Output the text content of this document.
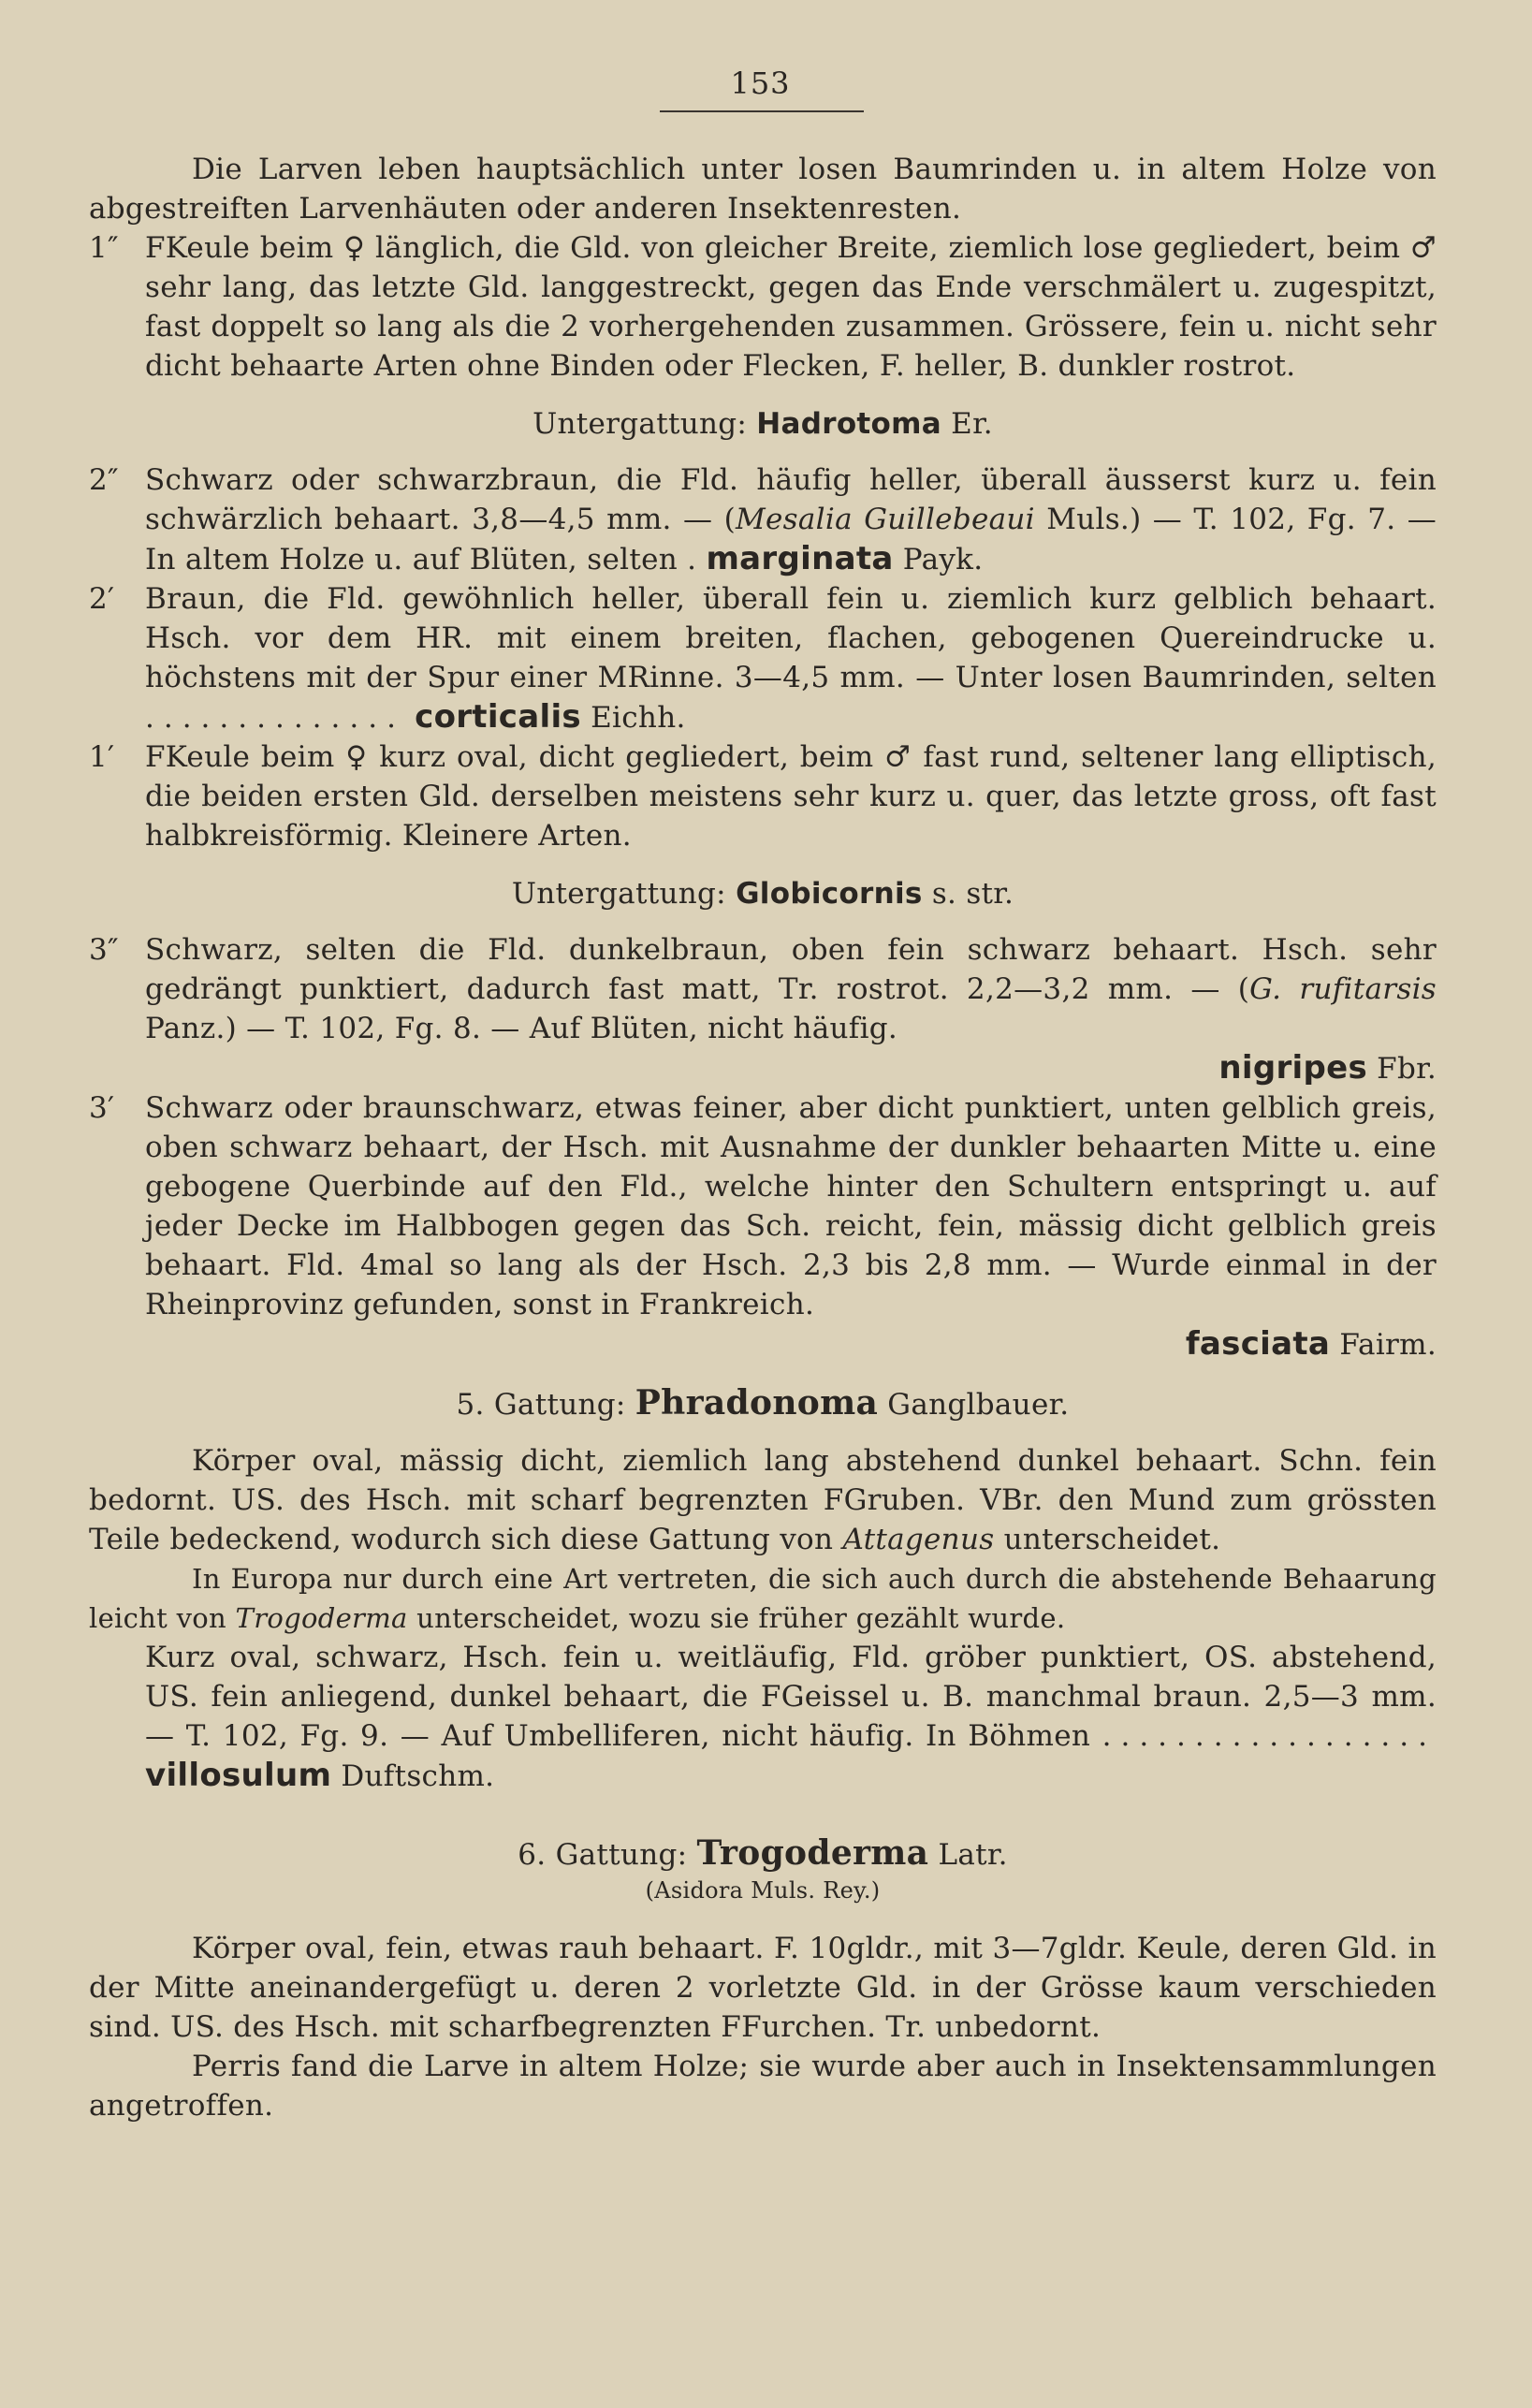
153

Die Larven leben hauptsächlich unter losen Baumrinden u. in altem Holze von abgestreiften Larvenhäuten oder anderen Insektenresten.

1″ FKeule beim ♀ länglich, die Gld. von gleicher Breite, ziemlich lose gegliedert, beim ♂ sehr lang, das letzte Gld. langgestreckt, gegen das Ende verschmälert u. zugespitzt, fast doppelt so lang als die 2 vorhergehenden zusammen. Grössere, fein u. nicht sehr dicht behaarte Arten ohne Binden oder Flecken, F. heller, B. dunkler rostrot.
Untergattung: Hadrotoma Er.
2″ Schwarz oder schwarzbraun, die Fld. häufig heller, überall äusserst kurz u. fein schwärzlich behaart. 3,8—4,5 mm. — (Mesalia Guillebeaui Muls.) — T. 102, Fg. 7. — In altem Holze u. auf Blüten, selten . marginata Payk.
2′	Braun, die Fld. gewöhnlich heller, überall fein u. ziemlich kurz gelblich behaart. Hsch. vor dem HR. mit einem breiten, flachen, gebogenen Quereindrucke u. höchstens mit der Spur einer MRinne. 3—4,5 mm. — Unter losen Baumrinden, selten .............. corticalis Eichh.
1′	FKeule beim ♀ kurz oval, dicht gegliedert, beim ♂ fast rund, seltener lang elliptisch, die beiden ersten Gld. derselben meistens sehr kurz u. quer, das letzte gross, oft fast halbkreisförmig. Kleinere Arten.
Untergattung: Globicornis s. str.
3″ Schwarz, selten die Fld. dunkelbraun, oben fein schwarz behaart. Hsch. sehr gedrängt punktiert, dadurch fast matt, Tr. rostrot. 2,2—3,2 mm. — (G. rufitarsis Panz.) — T. 102, Fg. 8. — Auf Blüten, nicht häufig.
nigripes Fbr.
3′	Schwarz oder braunschwarz, etwas feiner, aber dicht punktiert, unten gelblich greis, oben schwarz behaart, der Hsch. mit Ausnahme der dunkler behaarten Mitte u. eine gebogene Querbinde auf den Fld., welche hinter den Schultern entspringt u. auf jeder Decke im Halbbogen gegen das Sch. reicht, fein, mässig dicht gelblich greis behaart. Fld. 4mal so lang als der Hsch. 2,3 bis 2,8 mm. — Wurde einmal in der Rheinprovinz gefunden, sonst in Frankreich.
fasciata Fairm.
5. Gattung: Phradonoma Ganglbauer.

Körper oval, mässig dicht, ziemlich lang abstehend dunkel behaart. Schn. fein bedornt. US. des Hsch. mit scharf begrenzten FGruben. VBr. den Mund zum grössten Teile bedeckend, wodurch sich diese Gattung von Attagenus unterscheidet.

In Europa nur durch eine Art vertreten, die sich auch durch die abstehende Behaarung leicht von Trogoderma unterscheidet, wozu sie früher gezählt wurde.

Kurz oval, schwarz, Hsch. fein u. weitläufig, Fld. gröber punktiert, OS. abstehend, US. fein anliegend, dunkel behaart, die FGeissel u. B. manchmal braun. 2,5—3 mm. — T. 102, Fg. 9. — Auf Umbelliferen, nicht häufig. In Böhmen .................. villosulum Duftschm.
6. Gattung: Trogoderma Latr.
(Asidora Muls. Rey.)

Körper oval, fein, etwas rauh behaart. F. 10gldr., mit 3—7gldr. Keule, deren Gld. in der Mitte aneinandergefügt u. deren 2 vorletzte Gld. in der Grösse kaum verschieden sind. US. des Hsch. mit scharfbegrenzten FFurchen. Tr. unbedornt.

Perris fand die Larve in altem Holze; sie wurde aber auch in Insektensammlungen angetroffen.
